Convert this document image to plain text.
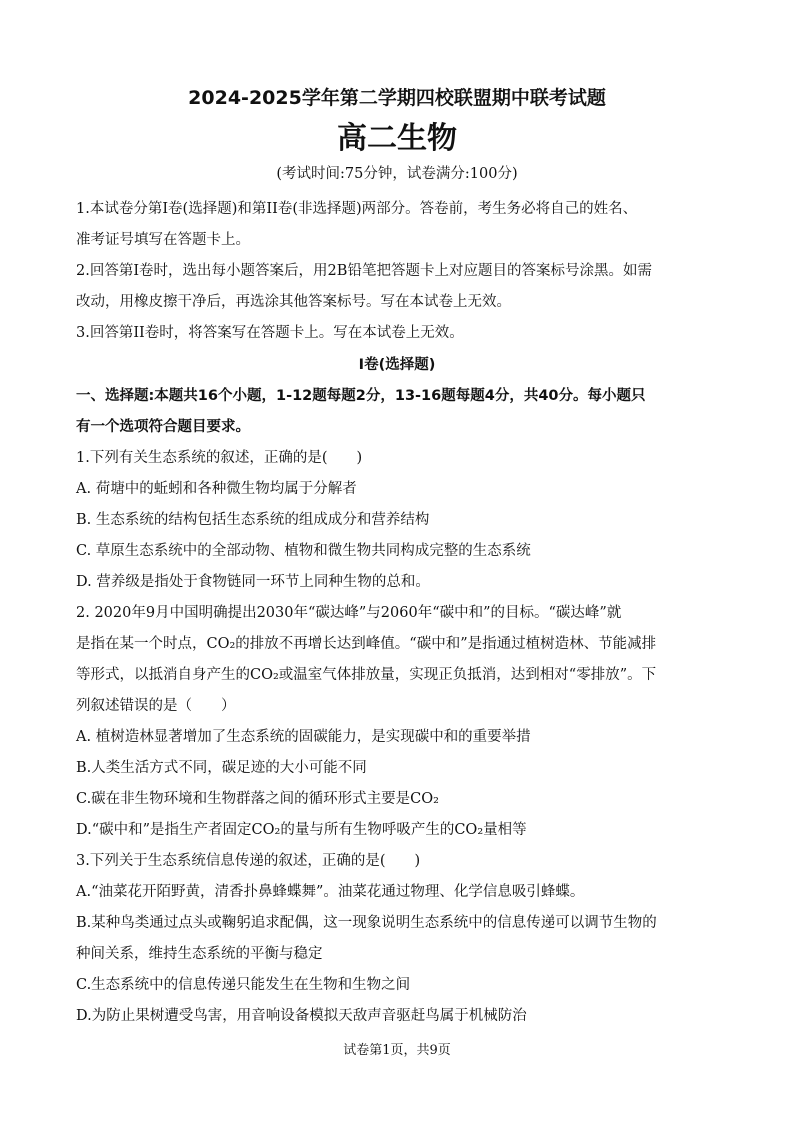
2024-2025学年第二学期四校联盟期中联考试题
高二生物
(考试时间:75分钟，试卷满分:100分)
1.本试卷分第I卷(选择题)和第II卷(非选择题)两部分。答卷前，考生务必将自己的姓名、
准考证号填写在答题卡上。
2.回答第I卷时，选出每小题答案后，用2B铅笔把答题卡上对应题目的答案标号涂黑。如需
改动，用橡皮擦干净后，再选涂其他答案标号。写在本试卷上无效。
3.回答第II卷时，将答案写在答题卡上。写在本试卷上无效。
I卷(选择题)
一、选择题:本题共16个小题，1-12题每题2分，13-16题每题4分，共40分。每小题只
有一个选项符合题目要求。
1.下列有关生态系统的叙述，正确的是(　　)
A. 荷塘中的蚯蚓和各种微生物均属于分解者
B. 生态系统的结构包括生态系统的组成成分和营养结构
C. 草原生态系统中的全部动物、植物和微生物共同构成完整的生态系统
D. 营养级是指处于食物链同一环节上同种生物的总和。
2. 2020年9月中国明确提出2030年“碳达峰”与2060年“碳中和”的目标。“碳达峰”就
是指在某一个时点，CO₂的排放不再增长达到峰值。“碳中和”是指通过植树造林、节能减排
等形式，以抵消自身产生的CO₂或温室气体排放量，实现正负抵消，达到相对“零排放”。下
列叙述错误的是（　　）
A. 植树造林显著增加了生态系统的固碳能力，是实现碳中和的重要举措
B.人类生活方式不同，碳足迹的大小可能不同
C.碳在非生物环境和生物群落之间的循环形式主要是CO₂
D.“碳中和”是指生产者固定CO₂的量与所有生物呼吸产生的CO₂量相等
3.下列关于生态系统信息传递的叙述，正确的是(　　)
A.“油菜花开陌野黄，清香扑鼻蜂蝶舞”。油菜花通过物理、化学信息吸引蜂蝶。
B.某种鸟类通过点头或鞠躬追求配偶，这一现象说明生态系统中的信息传递可以调节生物的
种间关系，维持生态系统的平衡与稳定
C.生态系统中的信息传递只能发生在生物和生物之间
D.为防止果树遭受鸟害，用音响设备模拟天敌声音驱赶鸟属于机械防治
试卷第1页，共9页
